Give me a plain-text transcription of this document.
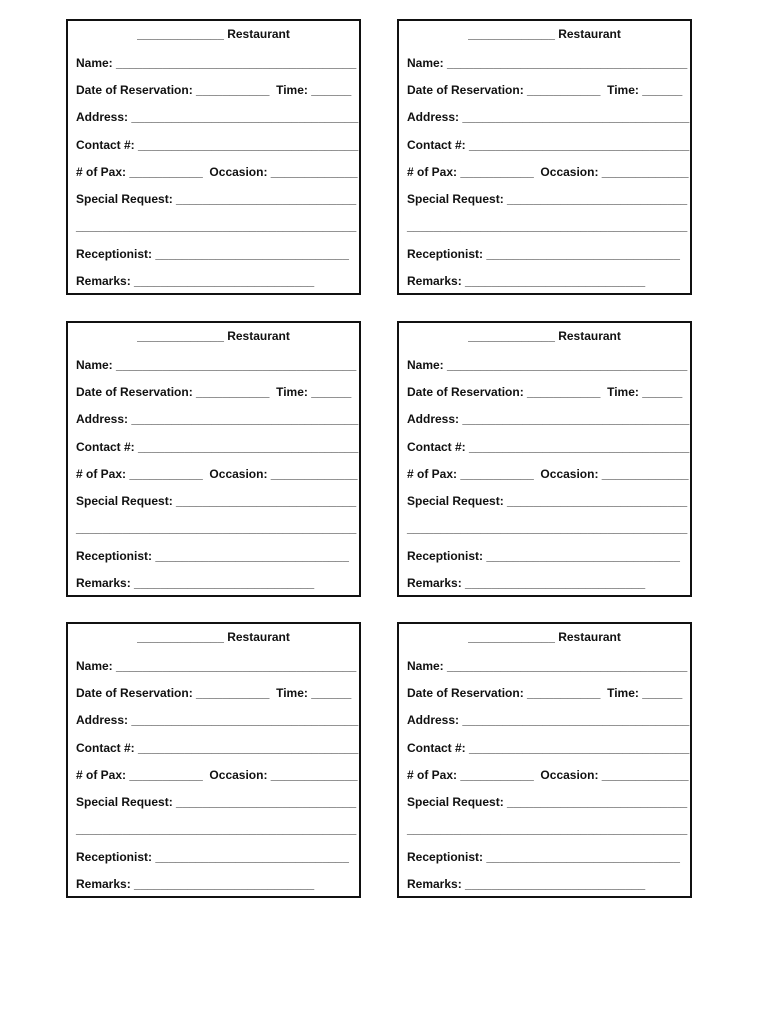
_____________ Restaurant
Name: ____________________________________
Date of Reservation: ___________  Time: ______
Address: __________________________________
Contact #: _________________________________
# of Pax: ___________  Occasion: _____________
Special Request: ___________________________
__________________________________________
Receptionist: _____________________________
Remarks: ___________________________
_____________ Restaurant
Name: ____________________________________
Date of Reservation: ___________  Time: ______
Address: __________________________________
Contact #: _________________________________
# of Pax: ___________  Occasion: _____________
Special Request: ___________________________
__________________________________________
Receptionist: _____________________________
Remarks: ___________________________
_____________ Restaurant
Name: ____________________________________
Date of Reservation: ___________  Time: ______
Address: __________________________________
Contact #: _________________________________
# of Pax: ___________  Occasion: _____________
Special Request: ___________________________
__________________________________________
Receptionist: _____________________________
Remarks: ___________________________
_____________ Restaurant
Name: ____________________________________
Date of Reservation: ___________  Time: ______
Address: __________________________________
Contact #: _________________________________
# of Pax: ___________  Occasion: _____________
Special Request: ___________________________
__________________________________________
Receptionist: _____________________________
Remarks: ___________________________
_____________ Restaurant
Name: ____________________________________
Date of Reservation: ___________  Time: ______
Address: __________________________________
Contact #: _________________________________
# of Pax: ___________  Occasion: _____________
Special Request: ___________________________
__________________________________________
Receptionist: _____________________________
Remarks: ___________________________
_____________ Restaurant
Name: ____________________________________
Date of Reservation: ___________  Time: ______
Address: __________________________________
Contact #: _________________________________
# of Pax: ___________  Occasion: _____________
Special Request: ___________________________
__________________________________________
Receptionist: _____________________________
Remarks: ___________________________
